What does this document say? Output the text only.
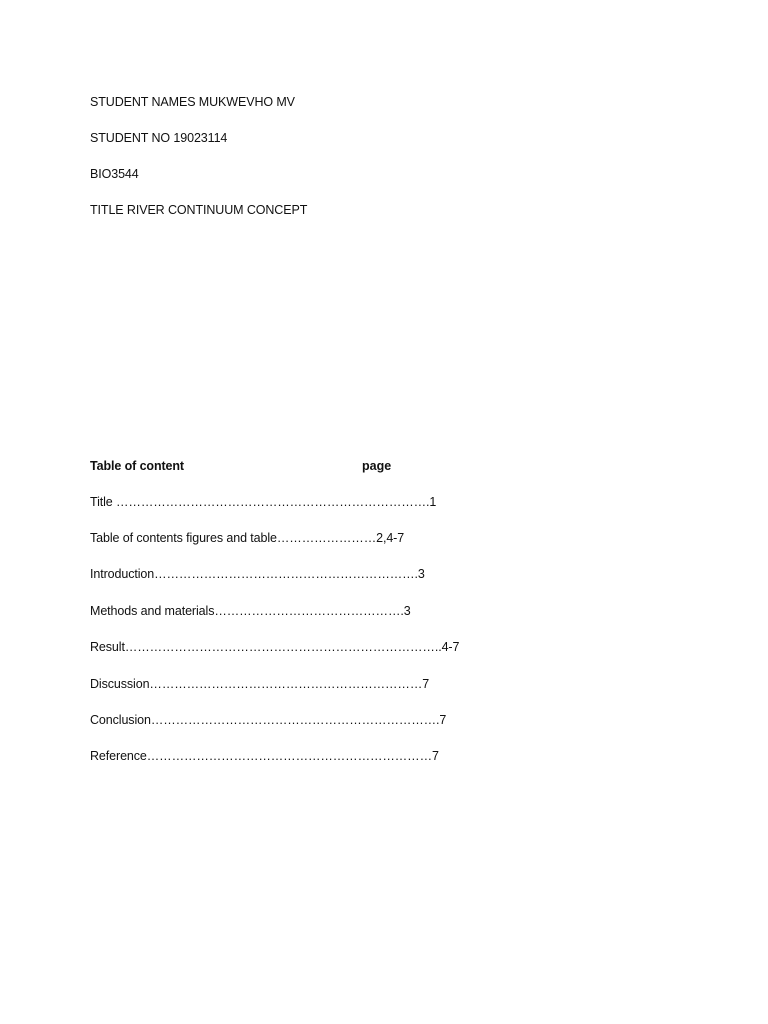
STUDENT NAMES MUKWEVHO MV
STUDENT NO 19023114
BIO3544
TITLE RIVER CONTINUUM CONCEPT
Table of content	page
Title ………………………………………………………………….1
Table of contents figures and table……………………2,4-7
Introduction……………………………………………………….3
Methods and materials……………………………………….3
Result…………………………………………………………………..4-7
Discussion…………………………………………………………7
Conclusion…………………………………………………………….7
Reference……………………………………………………………7
